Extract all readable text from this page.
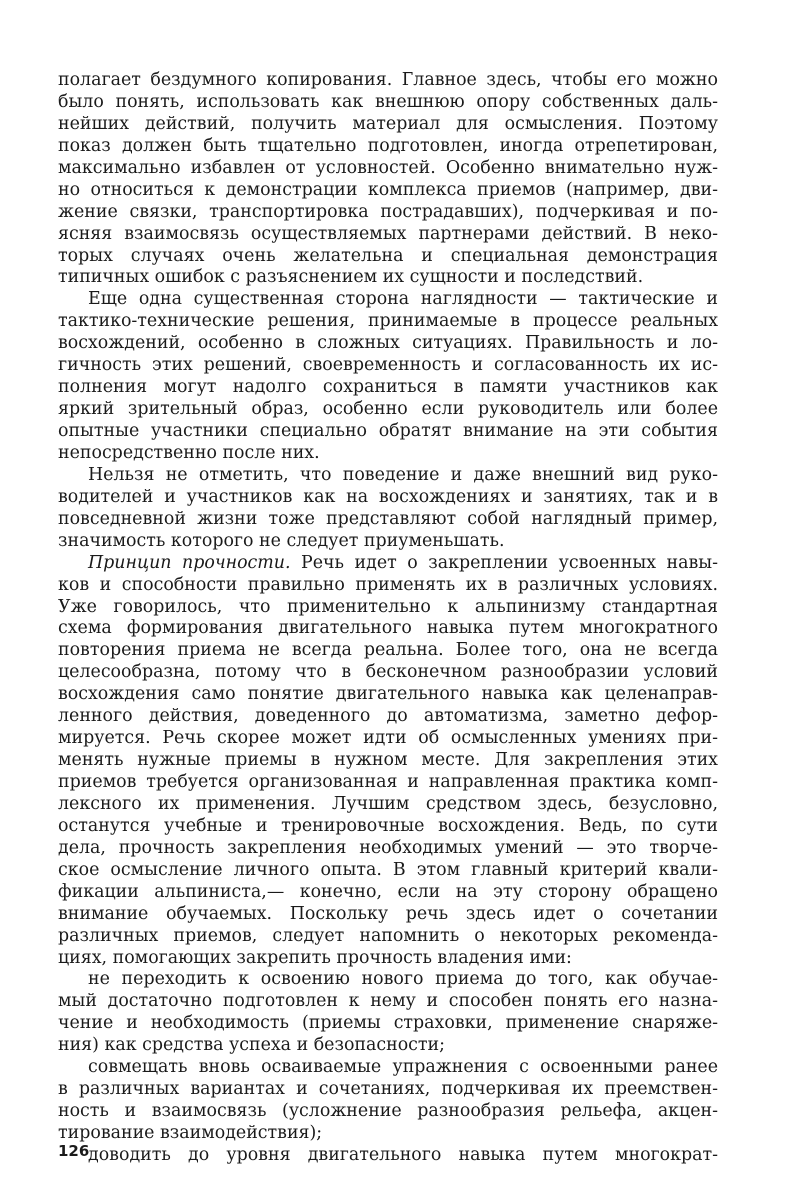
полагает бездумного копирования. Главное здесь, чтобы его можно
было понять, использовать как внешнюю опору собственных даль-
нейших действий, получить материал для осмысления. Поэтому
показ должен быть тщательно подготовлен, иногда отрепетирован,
максимально избавлен от условностей. Особенно внимательно нуж-
но относиться к демонстрации комплекса приемов (например, дви-
жение связки, транспортировка пострадавших), подчеркивая и по-
ясняя взаимосвязь осуществляемых партнерами действий. В неко-
торых случаях очень желательна и специальная демонстрация
типичных ошибок с разъяснением их сущности и последствий.
Еще одна существенная сторона наглядности — тактические и
тактико-технические решения, принимаемые в процессе реальных
восхождений, особенно в сложных ситуациях. Правильность и ло-
гичность этих решений, своевременность и согласованность их ис-
полнения могут надолго сохраниться в памяти участников как
яркий зрительный образ, особенно если руководитель или более
опытные участники специально обратят внимание на эти события
непосредственно после них.
Нельзя не отметить, что поведение и даже внешний вид руко-
водителей и участников как на восхождениях и занятиях, так и в
повседневной жизни тоже представляют собой наглядный пример,
значимость которого не следует приуменьшать.
Принцип прочности. Речь идет о закреплении усвоенных навы-
ков и способности правильно применять их в различных условиях.
Уже говорилось, что применительно к альпинизму стандартная
схема формирования двигательного навыка путем многократного
повторения приема не всегда реальна. Более того, она не всегда
целесообразна, потому что в бесконечном разнообразии условий
восхождения само понятие двигательного навыка как целенаправ-
ленного действия, доведенного до автоматизма, заметно дефор-
мируется. Речь скорее может идти об осмысленных умениях при-
менять нужные приемы в нужном месте. Для закрепления этих
приемов требуется организованная и направленная практика комп-
лексного их применения. Лучшим средством здесь, безусловно,
останутся учебные и тренировочные восхождения. Ведь, по сути
дела, прочность закрепления необходимых умений — это творче-
ское осмысление личного опыта. В этом главный критерий квали-
фикации альпиниста,— конечно, если на эту сторону обращено
внимание обучаемых. Поскольку речь здесь идет о сочетании
различных приемов, следует напомнить о некоторых рекоменда-
циях, помогающих закрепить прочность владения ими:
не переходить к освоению нового приема до того, как обучае-
мый достаточно подготовлен к нему и способен понять его назна-
чение и необходимость (приемы страховки, применение снаряже-
ния) как средства успеха и безопасности;
совмещать вновь осваиваемые упражнения с освоенными ранее
в различных вариантах и сочетаниях, подчеркивая их преемствен-
ность и взаимосвязь (усложнение разнообразия рельефа, акцен-
тирование взаимодействия);
доводить до уровня двигательного навыка путем многократ-
126
